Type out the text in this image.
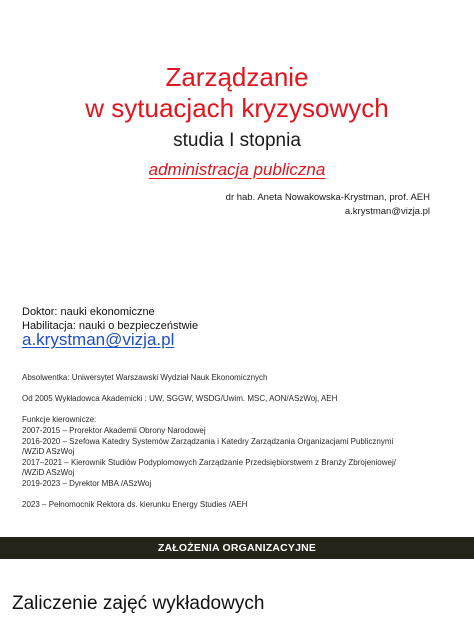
Zarządzanie
w sytuacjach kryzysowych
studia I stopnia
administracja publiczna
dr hab. Aneta Nowakowska-Krystman, prof. AEH
a.krystman@vizja.pl
Doktor: nauki ekonomiczne
Habilitacja: nauki o bezpieczeństwie
a.krystman@vizja.pl

Absolwentka: Uniwersytet Warszawski Wydział Nauk Ekonomicznych

Od 2005 Wykładowca Akademicki : UW, SGGW, WSDG/Uwim. MSC, AON/ASzWoj, AEH

Funkcje kierownicze:

2007-2015 – Prorektor Akademii Obrony Narodowej

2016-2020 – Szefowa Katedry Systemów Zarządzania i Katedry Zarządzania Organizacjami Publicznymi

/WZiD ASzWoj

2017–2021 – Kierownik Studiów Podyplomowych Zarządzanie Przedsiębiorstwem z Branży Zbrojeniowej/

/WZiD ASzWoj

2019-2023 – Dyrektor MBA /ASzWoj

2023 – Pełnomocnik Rektora ds. kierunku Energy Studies /AEH

ZAŁOŻENIA ORGANIZACYJNE
Zaliczenie zajęć wykładowych
